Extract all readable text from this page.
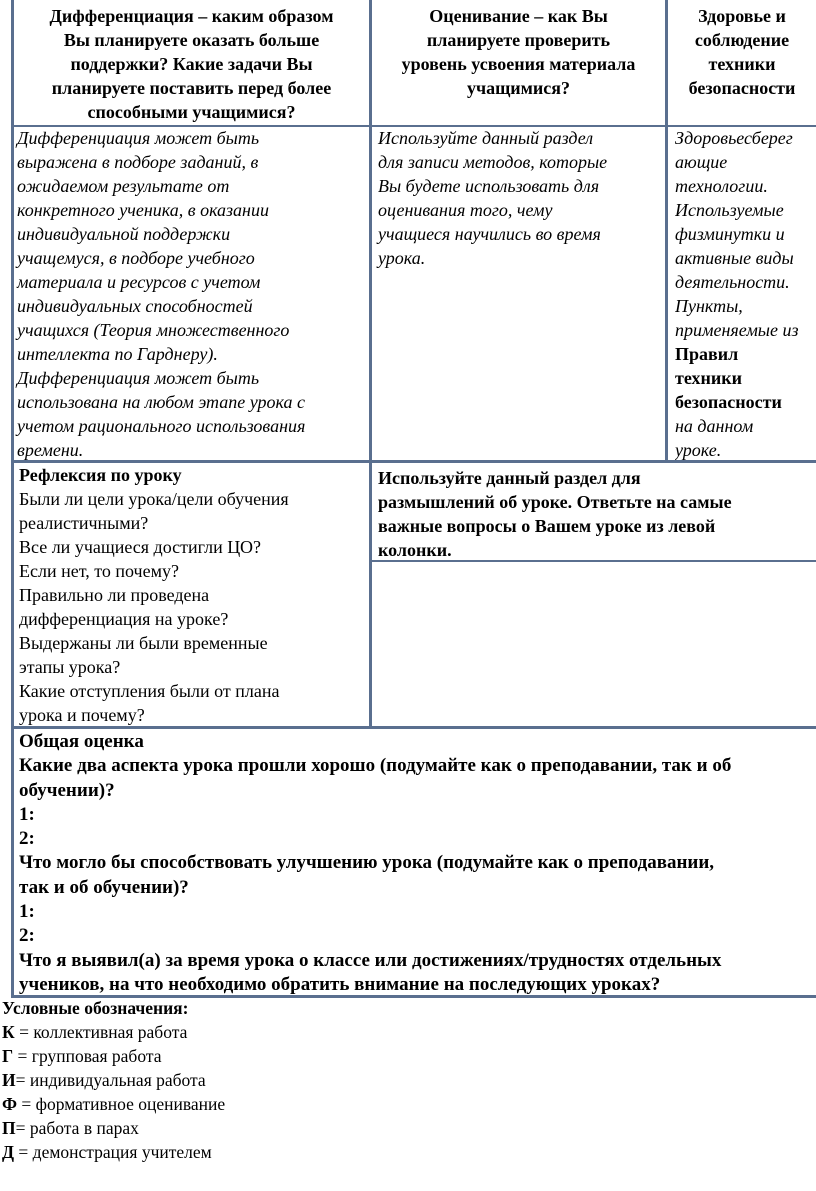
Дифференциация – каким образом
Вы планируете оказать больше
поддержки? Какие задачи Вы
планируете поставить перед более
способными учащимися?
Оценивание – как Вы
планируете проверить
уровень усвоения материала
учащимися?
Здоровье и
соблюдение
техники
безопасности
Дифференциация может быть
выражена в подборе заданий, в
ожидаемом результате от
конкретного ученика, в оказании
индивидуальной поддержки
учащемуся, в подборе учебного
материала и ресурсов с учетом
индивидуальных способностей
учащихся (Теория множественного
интеллекта по Гарднеру).
Дифференциация может быть
использована на любом этапе урока с
учетом рационального использования
времени.
Используйте данный раздел
для записи методов, которые
Вы будете использовать для
оценивания того, чему
учащиеся научились во время
урока.
Здоровьесберег
ающие
технологии.
Используемые
физминутки и
активные виды
деятельности.
Пункты,
применяемые из
Правил
техники
безопасности
на данном
уроке.
Рефлексия по уроку
Были ли цели урока/цели обучения
реалистичными?
Все ли учащиеся достигли ЦО?
Если нет, то почему?
Правильно ли проведена
дифференциация на уроке?
Выдержаны ли были временные
этапы урока?
Какие отступления были от плана
урока и почему?
Используйте данный раздел для
размышлений об уроке. Ответьте на самые
важные вопросы о Вашем уроке из левой
колонки.
Общая оценка
Какие два аспекта урока прошли хорошо (подумайте как о преподавании, так и об
обучении)?
1:
2:
Что могло бы способствовать улучшению урока (подумайте как о преподавании,
так и об обучении)?
1:
2:
Что я выявил(а) за время урока о классе или достижениях/трудностях отдельных
учеников, на что необходимо обратить внимание на последующих уроках?
Условные обозначения:
К = коллективная работа
Г = групповая работа
И= индивидуальная работа
Ф = формативное оценивание
П= работа в парах
Д = демонстрация учителем
